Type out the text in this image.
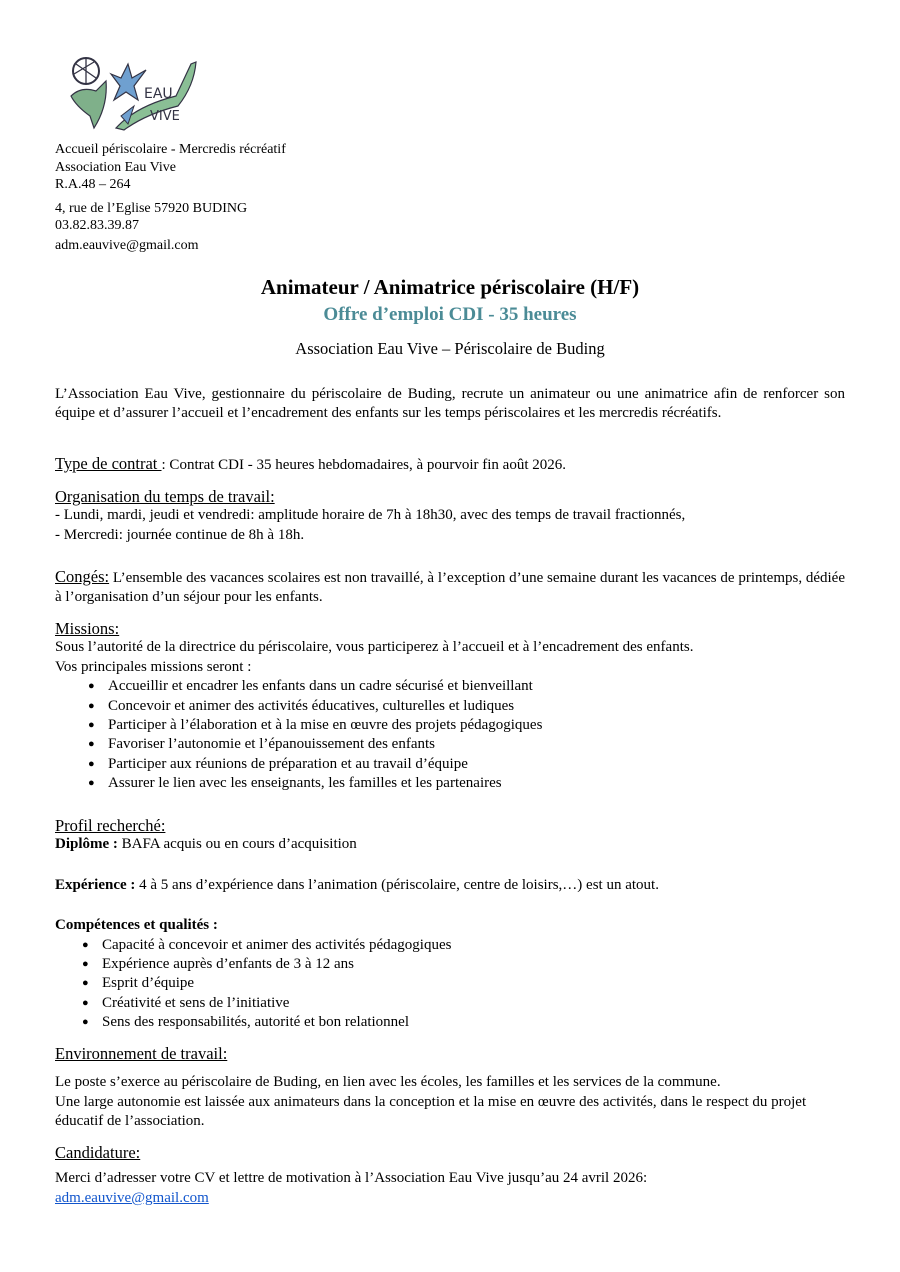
EAU
VIVE
Accueil périscolaire - Mercredis récréatif
Association Eau Vive
R.A.48 – 264
4, rue de l’Eglise 57920 BUDING
03.82.83.39.87
adm.eauvive@gmail.com
Animateur / Animatrice périscolaire (H/F)
Offre d’emploi CDI - 35 heures
Association Eau Vive – Périscolaire de Buding
L’Association Eau Vive, gestionnaire du périscolaire de Buding, recrute un animateur ou une animatrice afin de renforcer son équipe et d’assurer l’accueil et l’encadrement des enfants sur les temps périscolaires et les mercredis récréatifs.
Type de contrat : Contrat CDI - 35 heures hebdomadaires, à pourvoir fin août 2026.
Organisation du temps de travail:
- Lundi, mardi, jeudi et vendredi: amplitude horaire de 7h à 18h30, avec des temps de travail fractionnés,
- Mercredi: journée continue de 8h à 18h.
Congés: L’ensemble des vacances scolaires est non travaillé, à l’exception d’une semaine durant les vacances de printemps, dédiée à l’organisation d’un séjour pour les enfants.
Missions:
Sous l’autorité de la directrice du périscolaire, vous participerez à l’accueil et à l’encadrement des enfants.
Vos principales missions seront :
● Accueillir et encadrer les enfants dans un cadre sécurisé et bienveillant
● Concevoir et animer des activités éducatives, culturelles et ludiques
● Participer à l’élaboration et à la mise en œuvre des projets pédagogiques
● Favoriser l’autonomie et l’épanouissement des enfants
● Participer aux réunions de préparation et au travail d’équipe
● Assurer le lien avec les enseignants, les familles et les partenaires
Profil recherché:
Diplôme : BAFA acquis ou en cours d’acquisition
Expérience : 4 à 5 ans d’expérience dans l’animation (périscolaire, centre de loisirs,…) est un atout.
Compétences et qualités :
● Capacité à concevoir et animer des activités pédagogiques
● Expérience auprès d’enfants de 3 à 12 ans
● Esprit d’équipe
● Créativité et sens de l’initiative
● Sens des responsabilités, autorité et bon relationnel
Environnement de travail:
Le poste s’exerce au périscolaire de Buding, en lien avec les écoles, les familles et les services de la commune.
Une large autonomie est laissée aux animateurs dans la conception et la mise en œuvre des activités, dans le respect du projet éducatif de l’association.
Candidature:
Merci d’adresser votre CV et lettre de motivation à l’Association Eau Vive jusqu’au 24 avril 2026:
adm.eauvive@gmail.com
